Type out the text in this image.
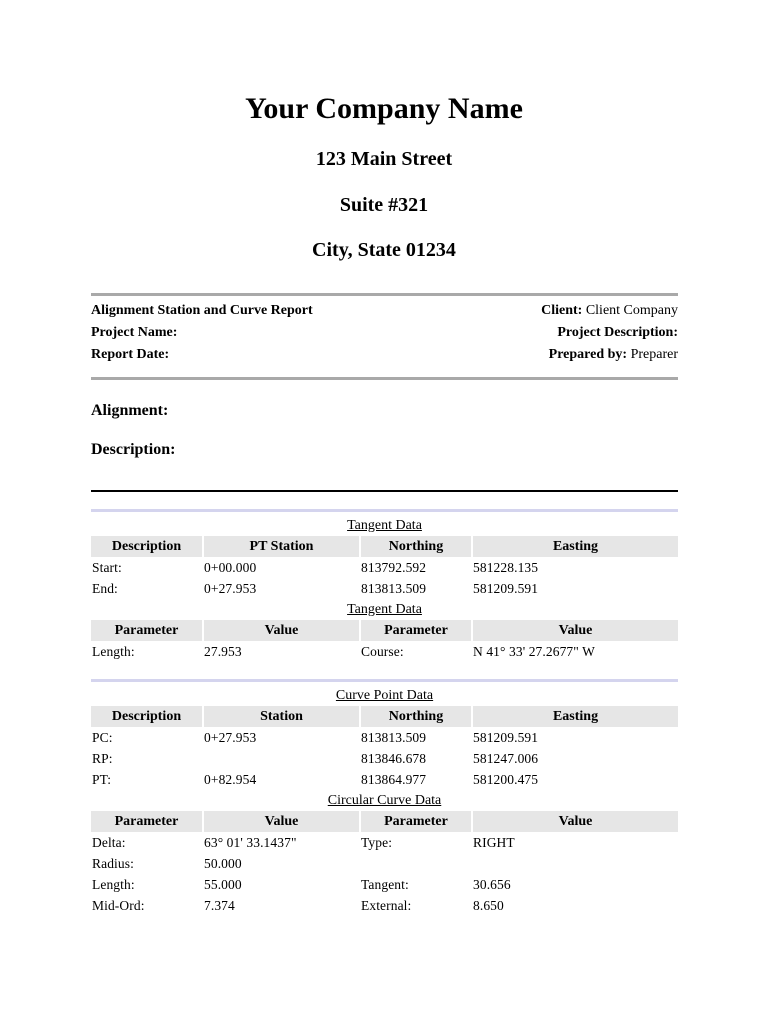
Your Company Name
123 Main Street
Suite #321
City, State 01234
Alignment Station and Curve Report
Project Name:
Report Date:
Client: Client Company
Project Description:
Prepared by: Preparer
Alignment:
Description:
Tangent Data			
Description	PT Station	Northing	Easting
Start:	0+00.000	813792.592	581228.135
End:	0+27.953	813813.509	581209.591
Tangent Data			
Parameter	Value	Parameter	Value
Length:	27.953	Course:	N 41° 33' 27.2677" W
Curve Point Data			
Description	Station	Northing	Easting
PC:	0+27.953	813813.509	581209.591
RP:		813846.678	581247.006
PT:	0+82.954	813864.977	581200.475
Circular Curve Data			
Parameter	Value	Parameter	Value
Delta:	63° 01' 33.1437"	Type:	RIGHT
Radius:	50.000		
Length:	55.000	Tangent:	30.656
Mid-Ord:	7.374	External:	8.650
